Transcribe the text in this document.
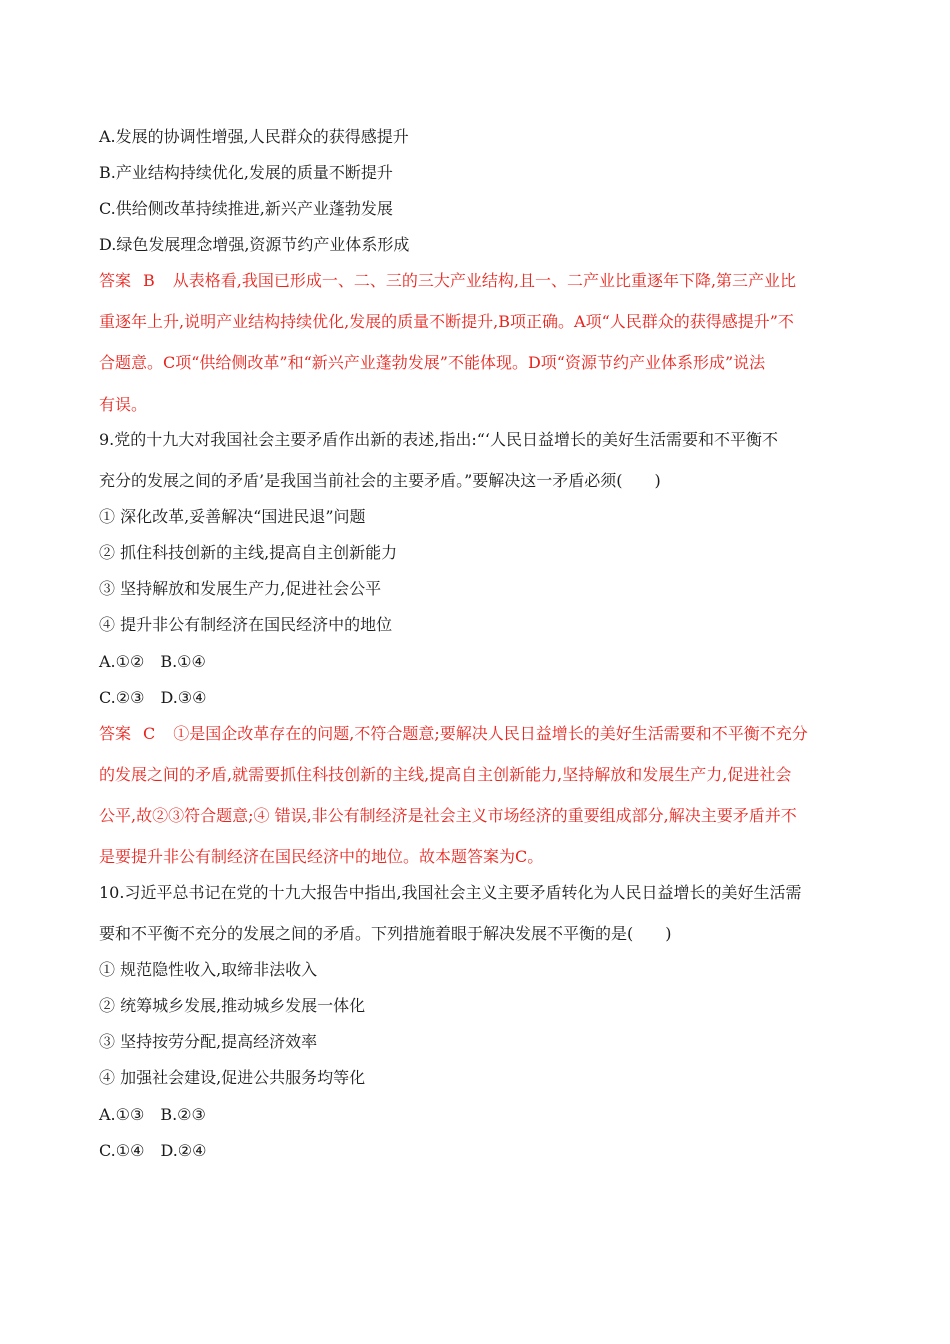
A.发展的协调性增强,人民群众的获得感提升
B.产业结构持续优化,发展的质量不断提升
C.供给侧改革持续推进,新兴产业蓬勃发展
D.绿色发展理念增强,资源节约产业体系形成
答案 B 从表格看,我国已形成一、二、三的三大产业结构,且一、二产业比重逐年下降,第三产业比
重逐年上升,说明产业结构持续优化,发展的质量不断提升,B项正确。A项“人民群众的获得感提升”不
合题意。C项“供给侧改革”和“新兴产业蓬勃发展”不能体现。D项“资源节约产业体系形成”说法
有误。
9.党的十九大对我国社会主要矛盾作出新的表述,指出:“‘人民日益增长的美好生活需要和不平衡不
充分的发展之间的矛盾’是我国当前社会的主要矛盾。”要解决这一矛盾必须(　　)
① 深化改革,妥善解决“国进民退”问题
② 抓住科技创新的主线,提高自主创新能力
③ 坚持解放和发展生产力,促进社会公平
④ 提升非公有制经济在国民经济中的地位
A.①②　B.①④
C.②③　D.③④
答案 C ①是国企改革存在的问题,不符合题意;要解决人民日益增长的美好生活需要和不平衡不充分
的发展之间的矛盾,就需要抓住科技创新的主线,提高自主创新能力,坚持解放和发展生产力,促进社会
公平,故②③符合题意;④ 错误,非公有制经济是社会主义市场经济的重要组成部分,解决主要矛盾并不
是要提升非公有制经济在国民经济中的地位。故本题答案为C。
10.习近平总书记在党的十九大报告中指出,我国社会主义主要矛盾转化为人民日益增长的美好生活需
要和不平衡不充分的发展之间的矛盾。下列措施着眼于解决发展不平衡的是(　　)
① 规范隐性收入,取缔非法收入
② 统筹城乡发展,推动城乡发展一体化
③ 坚持按劳分配,提高经济效率
④ 加强社会建设,促进公共服务均等化
A.①③　B.②③
C.①④　D.②④
